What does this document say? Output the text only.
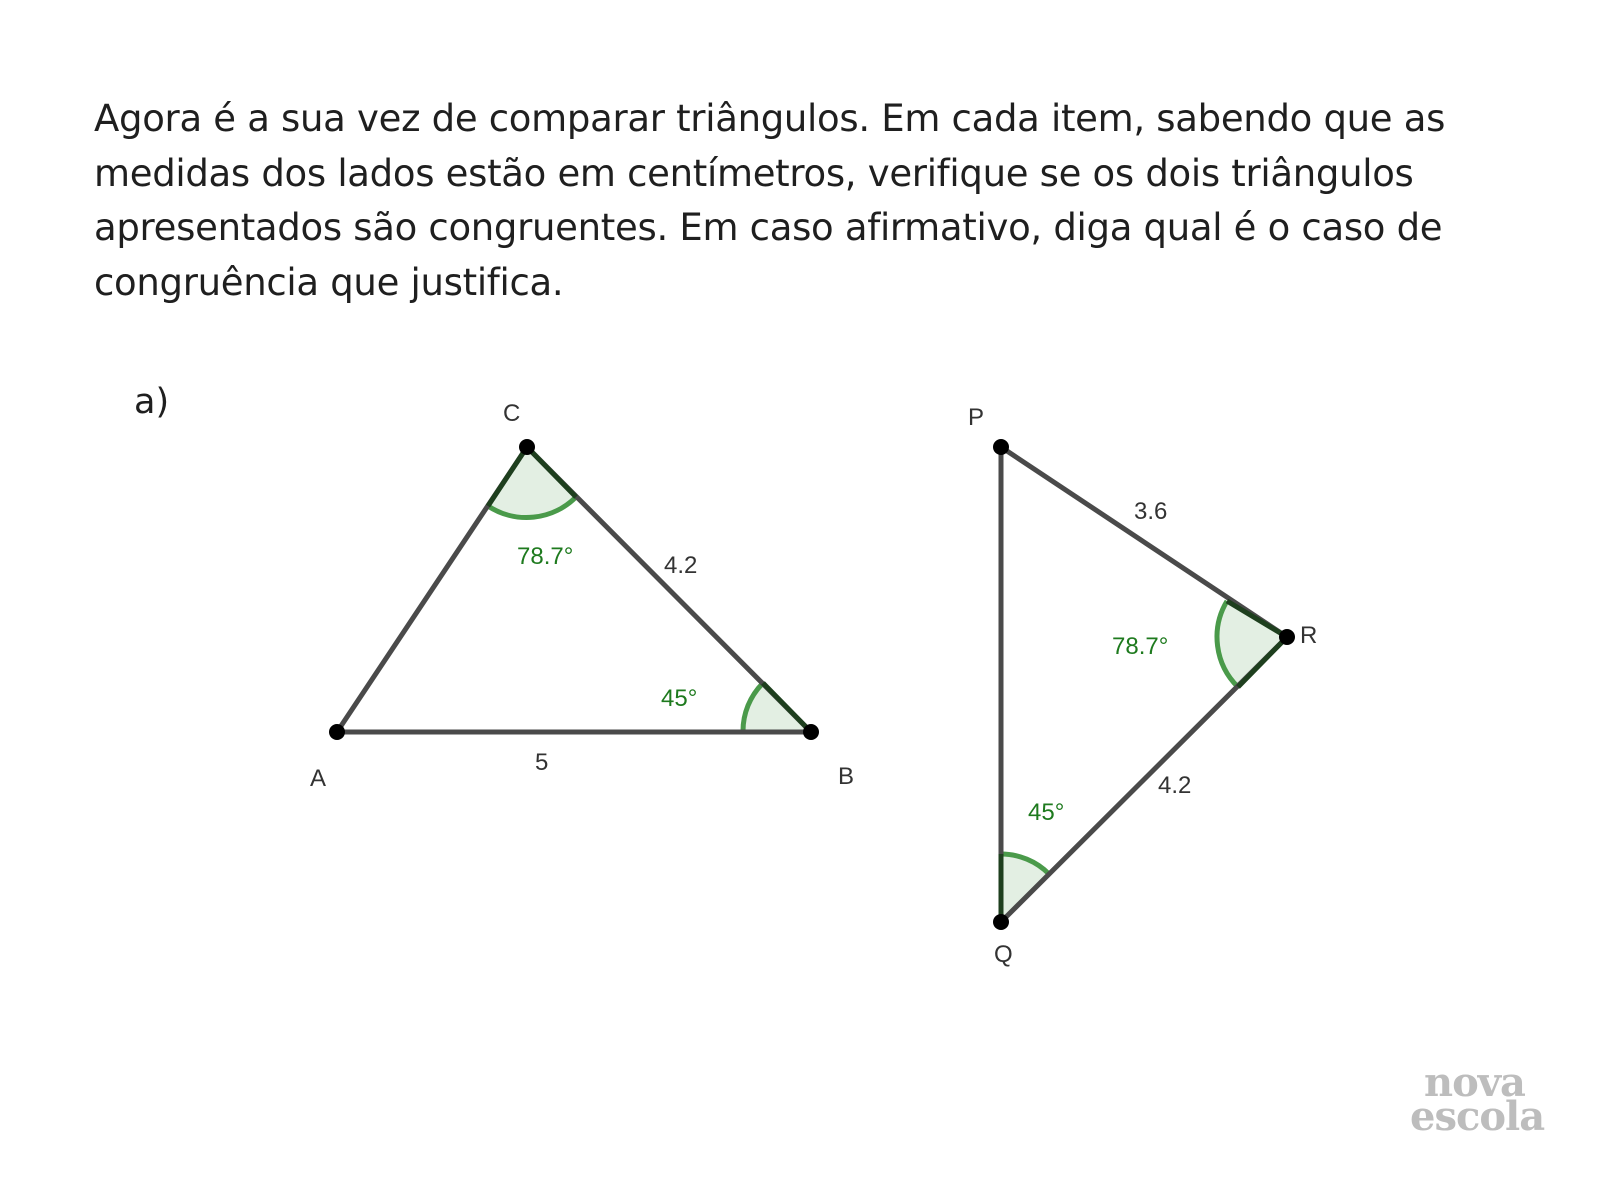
Agora é a sua vez de comparar triângulos. Em cada item, sabendo que as medidas dos lados estão em centímetros, verifique se os dois triângulos apresentados são congruentes. Em caso afirmativo, diga qual é o caso de congruência que justifica.

a)	C
A	B
4.2
5
78.7°
45°
P
Q
R
3.6
4.2
78.7°
45°
nova
escola
